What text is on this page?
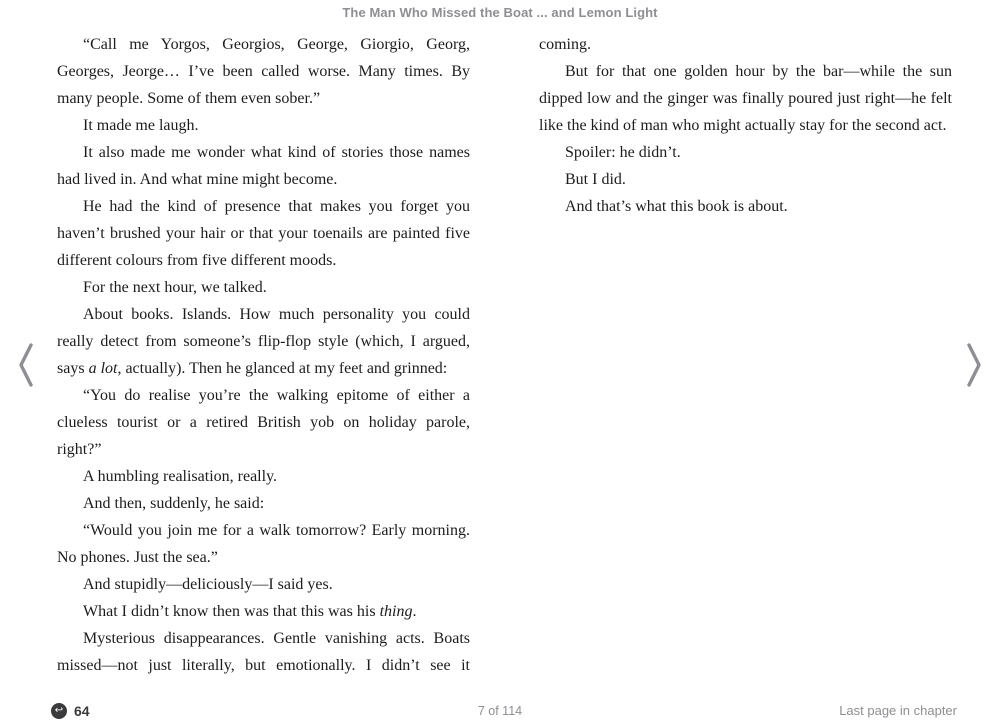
The Man Who Missed the Boat ... and Lemon Light

“Call me Yorgos, Georgios, George, Giorgio, Georg, Georges, Jeorge… I’ve been called worse. Many times. By many people. Some of them even sober.”

It made me laugh.

It also made me wonder what kind of stories those names had lived in. And what mine might become.

He had the kind of presence that makes you forget you haven’t brushed your hair or that your toenails are painted five different colours from five different moods.

For the next hour, we talked.

About books. Islands. How much personality you could really detect from someone’s flip-flop style (which, I argued, says a lot, actually). Then he glanced at my feet and grinned:

“You do realise you’re the walking epitome of either a clueless tourist or a retired British yob on holiday parole, right?”

A humbling realisation, really.

And then, suddenly, he said:

“Would you join me for a walk tomorrow? Early morning. No phones. Just the sea.”

And stupidly—deliciously—I said yes.

What I didn’t know then was that this was his thing.

Mysterious disappearances. Gentle vanishing acts. Boats missed—not just literally, but emotionally. I didn’t see it

coming.

But for that one golden hour by the bar—while the sun dipped low and the ginger was finally poured just right—he felt like the kind of man who might actually stay for the second act.

Spoiler: he didn’t.

But I did.

And that’s what this book is about.

↩ 64	7 of 114	Last page in chapter
